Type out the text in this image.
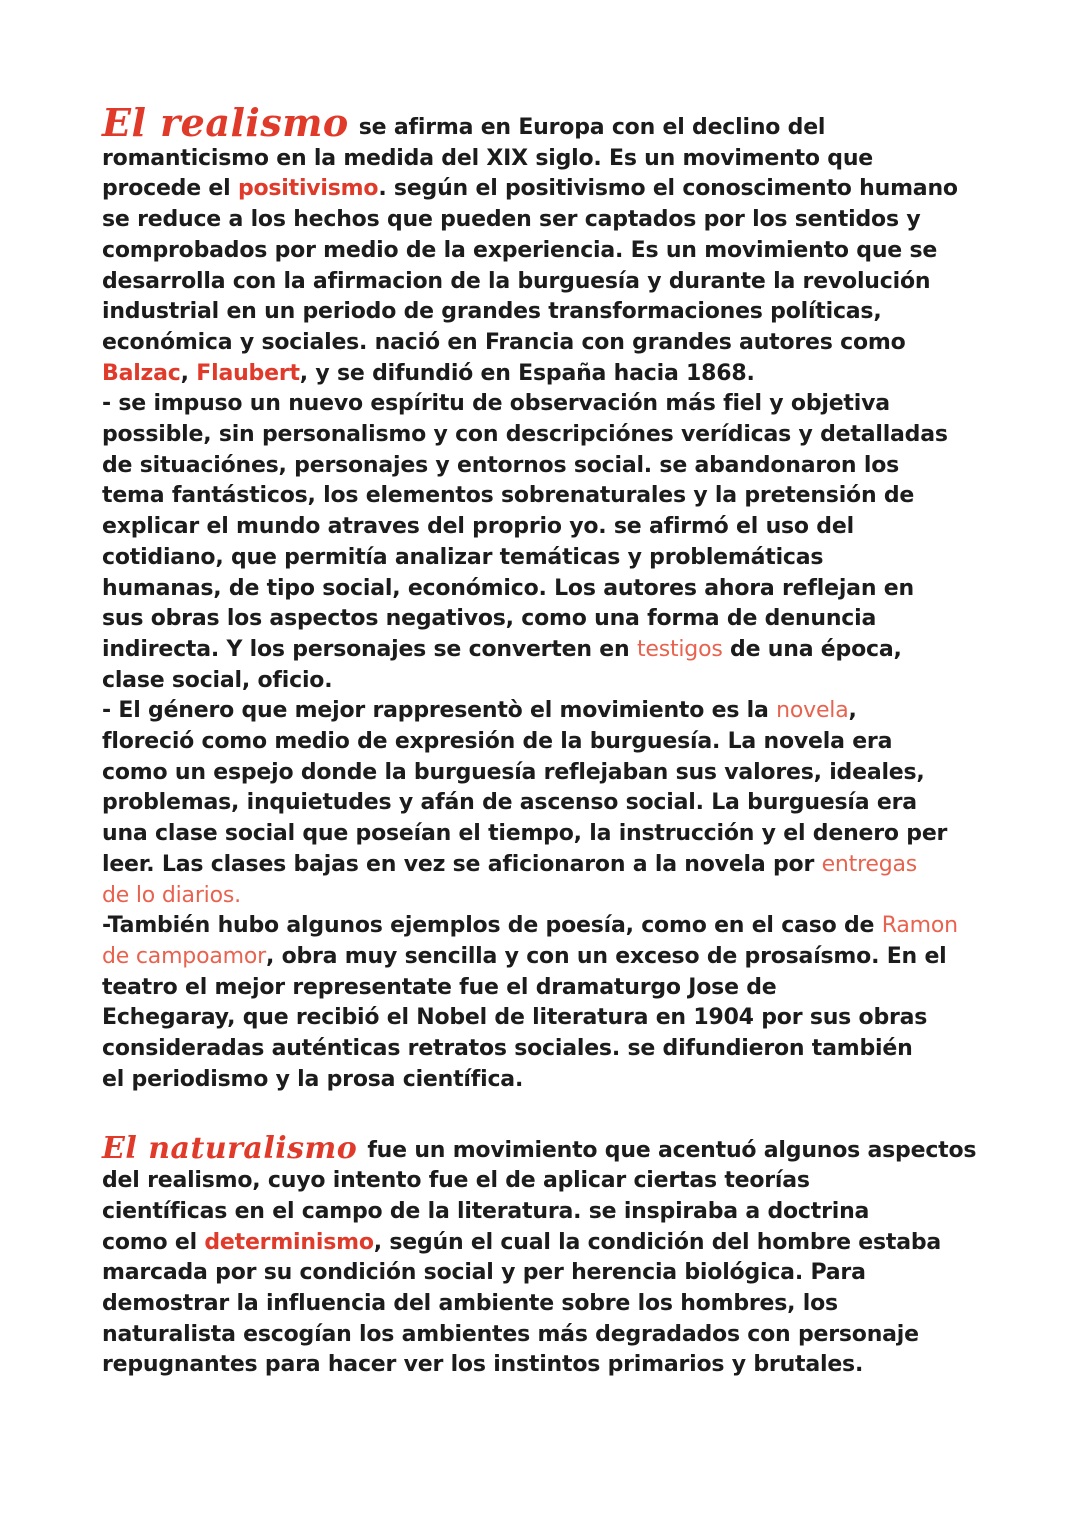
El realismo se afirma en Europa con el declino del
romanticismo en la medida del XIX siglo. Es un movimento que
procede el positivismo. según el positivismo el conoscimento humano
se reduce a los hechos que pueden ser captados por los sentidos y
comprobados por medio de la experiencia. Es un movimiento que se
desarrolla con la afirmacion de la burguesía y durante la revolución
industrial en un periodo de grandes transformaciones políticas,
económica y sociales. nació en Francia con grandes autores como
Balzac, Flaubert, y se difundió en España hacia 1868.
- se impuso un nuevo espíritu de observación más fiel y objetiva
possible, sin personalismo y con descripciónes verídicas y detalladas
de situaciónes, personajes y entornos social. se abandonaron los
tema fantásticos, los elementos sobrenaturales y la pretensión de
explicar el mundo atraves del proprio yo. se afirmó el uso del
cotidiano, que permitía analizar temáticas y problemáticas
humanas, de tipo social, económico. Los autores ahora reflejan en
sus obras los aspectos negativos, como una forma de denuncia
indirecta. Y los personajes se converten en testigos de una época,
clase social, oficio.
- El género que mejor rappresentò el movimiento es la novela,
floreció como medio de expresión de la burguesía. La novela era
como un espejo donde la burguesía reflejaban sus valores, ideales,
problemas, inquietudes y afán de ascenso social. La burguesía era
una clase social que poseían el tiempo, la instrucción y el denero per
leer. Las clases bajas en vez se aficionaron a la novela por entregas
de lo diarios.
-También hubo algunos ejemplos de poesía, como en el caso de Ramon
de campoamor, obra muy sencilla y con un exceso de prosaísmo. En el
teatro el mejor representate fue el dramaturgo Jose de
Echegaray, que recibió el Nobel de literatura en 1904 por sus obras
consideradas auténticas retratos sociales. se difundieron también
el periodismo y la prosa científica.
El naturalismo fue un movimiento que acentuó algunos aspectos
del realismo, cuyo intento fue el de aplicar ciertas teorías
científicas en el campo de la literatura. se inspiraba a doctrina
como el determinismo, según el cual la condición del hombre estaba
marcada por su condición social y per herencia biológica. Para
demostrar la influencia del ambiente sobre los hombres, los
naturalista escogían los ambientes más degradados con personaje
repugnantes para hacer ver los instintos primarios y brutales.
